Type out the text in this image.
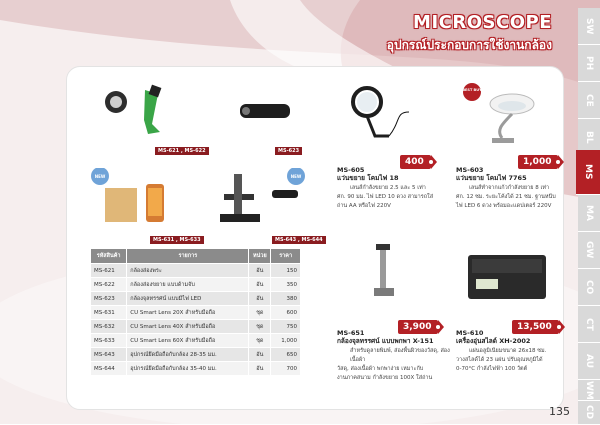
MICROSCOPE
อุปกรณ์ประกอบการใช้งานกล้อง
MS-621 , MS-622	MS-623
NEW
MS-631 , MS-633
NEW
MS-643 , MS-644
รหัสสินค้า	รายการ	หน่วย	ราคา
MS-621	กล้องส่องพระ	อัน	150
MS-622	กล้องส่องขยาย แบบด้ามจับ	อัน	350
MS-623	กล้องจุลทรรศน์ แบบมีไฟ LED	อัน	380
MS-631	CU Smart Lens 20X สำหรับมือถือ	ชุด	600
MS-632	CU Smart Lens 40X สำหรับมือถือ	ชุด	750
MS-633	CU Smart Lens 60X สำหรับมือถือ	ชุด	1,000
MS-643	อุปกรณ์ยึดมือถือกับกล้อง 28-35 มม.	อัน	650
MS-644	อุปกรณ์ยึดมือถือกับกล้อง 35-40 มม.	อัน	700
400
MS-605
แว่นขยาย โคมไฟ 18
เลนส์กำลังขยาย 2.5 และ 5 เท่า
ศก. 90 มม. ไฟ LED 10 ดวง สามารถใส่
ถ่าน AA หรือไฟ 220V
BEST BUY
1,000
MS-603
แว่นขยาย โคมไฟ 7765
เลนส์ทำจากแก้วกำลังขยาย 8 เท่า
ศก. 12 ซม. ระยะโค้งได้ 21 ซม. ฐานหนีบ
ไฟ LED 6 ดวง พร้อมอะแดปเตอร์ 220V
3,900
MS-651
กล้องจุลทรรศน์ แบบพกพา X-151
สำหรับดูลายพิมพ์, ส่องพื้นผิวของวัสดุ, ส่องเนื้อผ้า
วัสดุ, ส่องเนื้อผ้า พกพาง่าย เหมาะกับ
งานภาคสนาม กำลังขยาย 100X ใส่ถ่าน
13,500
MS-610
เครื่องอุ่นสไลด์ XH-2002
แผ่นอลูมิเนียมขนาด 26x18 ซม.
วางสไลด์ได้ 23 แผ่น ปรับอุณหภูมิได้
0-70°C กำลังไฟฟ้า 100 วัตต์
SW
PH
CE
BL
MS
MA
GW
CO
CT
AU
WM
CD
135
